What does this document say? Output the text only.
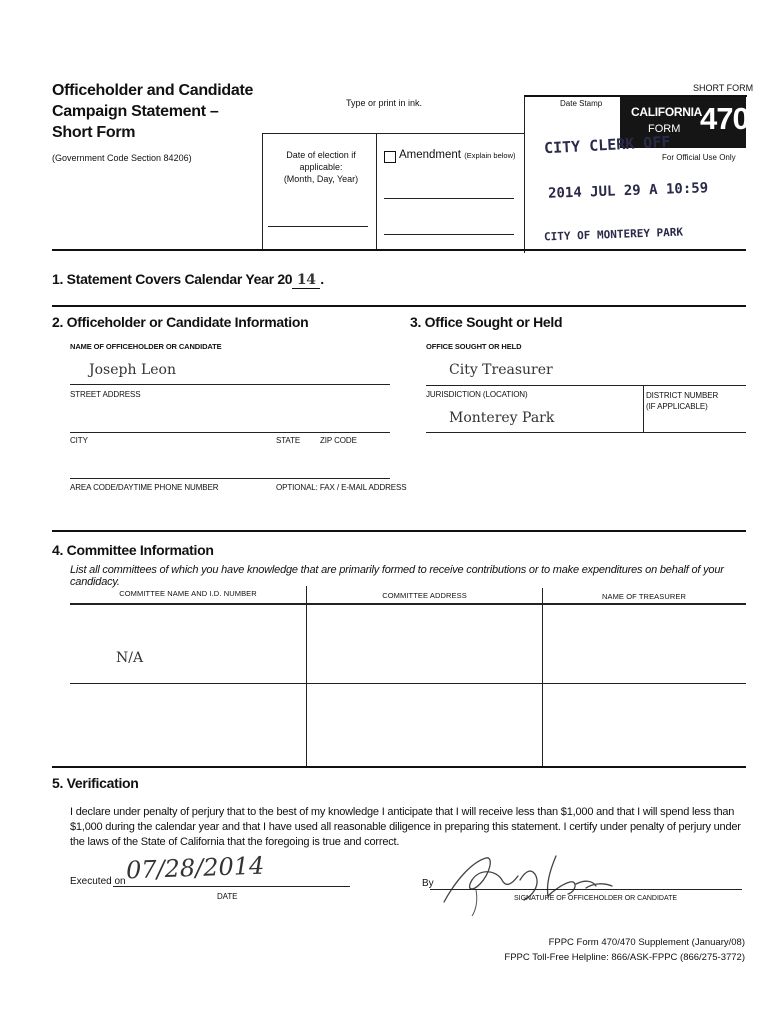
Officeholder and Candidate
Campaign Statement –
Short Form
(Government Code Section 84206)
Type or print in ink.
SHORT FORM
Date of election if applicable:
(Month, Day, Year)
Amendment (Explain below)
Date Stamp
CALIFORNIA
FORM 470
For Official Use Only
CITY CLERK OFF
2014 JUL 29 A 10:59
CITY OF MONTEREY PARK
1. Statement Covers Calendar Year 20 14 .
2. Officeholder or Candidate Information	3. Office Sought or Held
NAME OF OFFICEHOLDER OR CANDIDATE
Joseph Leon
OFFICE SOUGHT OR HELD
City Treasurer
STREET ADDRESS	JURISDICTION (LOCATION)
Monterey Park
DISTRICT NUMBER
(IF APPLICABLE)
CITY	STATE ZIP CODE
AREA CODE/DAYTIME PHONE NUMBER	OPTIONAL: FAX / E-MAIL ADDRESS
4. Committee Information
List all committees of which you have knowledge that are primarily formed to receive contributions or to make expenditures on behalf of your candidacy.
COMMITTEE NAME AND I.D. NUMBER	COMMITTEE ADDRESS	NAME OF TREASURER
N/A
5. Verification
I declare under penalty of perjury that to the best of my knowledge I anticipate that I will receive less than $1,000 and that I will spend less than $1,000 during the calendar year and that I have used all reasonable diligence in preparing this statement. I certify under penalty of perjury under the laws of the State of California that the foregoing is true and correct.
Executed on 07/28/2014
DATE
By
SIGNATURE OF OFFICEHOLDER OR CANDIDATE
FPPC Form 470/470 Supplement (January/08)
FPPC Toll-Free Helpline: 866/ASK-FPPC (866/275-3772)
